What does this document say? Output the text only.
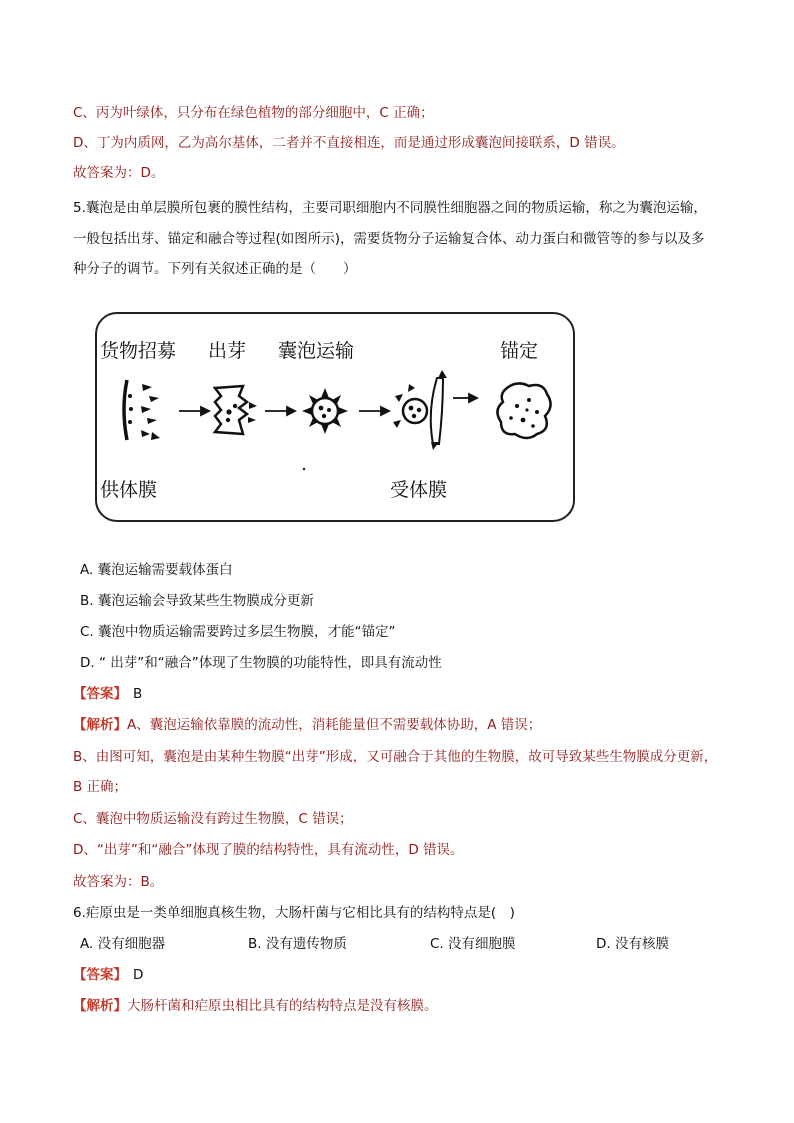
C、丙为叶绿体，只分布在绿色植物的部分细胞中，C 正确；
D、丁为内质网，乙为高尔基体，二者并不直接相连，而是通过形成囊泡间接联系，D 错误。
故答案为：D。
5.囊泡是由单层膜所包裹的膜性结构，主要司职细胞内不同膜性细胞器之间的物质运输，称之为囊泡运输，
一般包括出芽、锚定和融合等过程(如图所示)，需要货物分子运输复合体、动力蛋白和微管等的参与以及多
种分子的调节。下列有关叙述正确的是（　　）
货物招募 出芽 囊泡运输	锚定
供体膜	受体膜
A. 囊泡运输需要载体蛋白
B. 囊泡运输会导致某些生物膜成分更新
C. 囊泡中物质运输需要跨过多层生物膜，才能“锚定”
D. “ 出芽”和“融合”体现了生物膜的功能特性，即具有流动性
【答案】 B
【解析】A、囊泡运输依靠膜的流动性，消耗能量但不需要载体协助，A 错误；
B、由图可知，囊泡是由某种生物膜“出芽”形成，又可融合于其他的生物膜，故可导致某些生物膜成分更新，
B 正确；
C、囊泡中物质运输没有跨过生物膜，C 错误；
D、“出芽”和“融合”体现了膜的结构特性，具有流动性，D 错误。
故答案为：B。
6.疟原虫是一类单细胞真核生物，大肠杆菌与它相比具有的结构特点是(　)
A. 没有细胞器	B. 没有遗传物质	C. 没有细胞膜	D. 没有核膜
【答案】 D
【解析】大肠杆菌和疟原虫相比具有的结构特点是没有核膜。
